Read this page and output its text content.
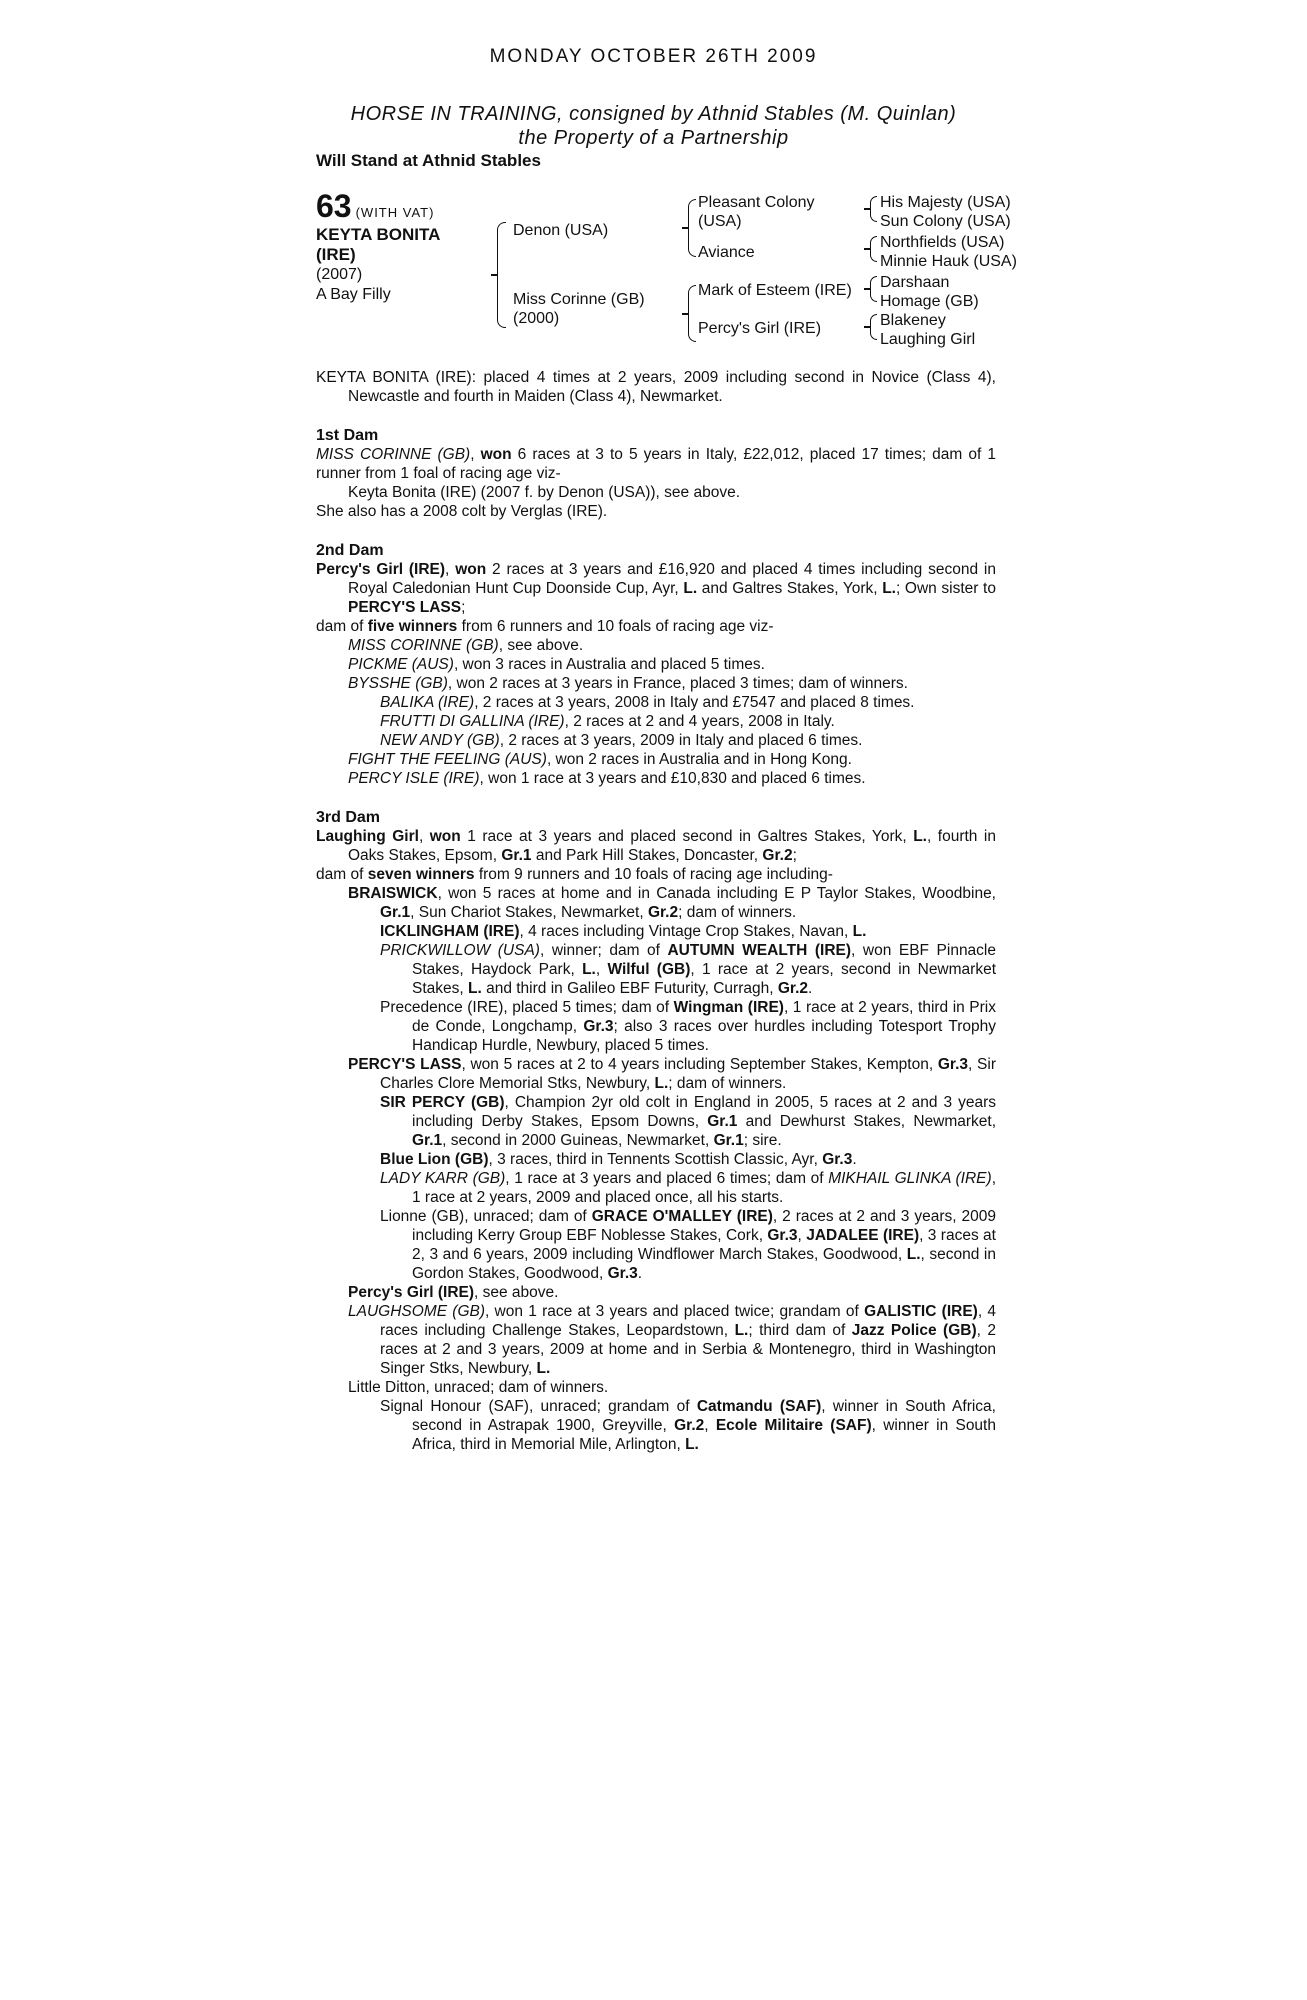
MONDAY OCTOBER 26TH 2009
HORSE IN TRAINING, consigned by Athnid Stables (M. Quinlan)
the Property of a Partnership
Will Stand at Athnid Stables
63 (WITH VAT)
KEYTA BONITA
(IRE)
(2007)
A Bay Filly
Denon (USA)
Miss Corinne (GB)
(2000)
Pleasant Colony
(USA)
Aviance
Mark of Esteem (IRE)
Percy's Girl (IRE)
His Majesty (USA)
Sun Colony (USA)
Northfields (USA)
Minnie Hauk (USA)
Darshaan
Homage (GB)
Blakeney
Laughing Girl

KEYTA BONITA (IRE): placed 4 times at 2 years, 2009 including second in Novice (Class 4), Newcastle and fourth in Maiden (Class 4), Newmarket.

1st Dam

MISS CORINNE (GB), won 6 races at 3 to 5 years in Italy, £22,012, placed 17 times; dam of 1 runner from 1 foal of racing age viz-

Keyta Bonita (IRE) (2007 f. by Denon (USA)), see above.

She also has a 2008 colt by Verglas (IRE).

2nd Dam

Percy's Girl (IRE), won 2 races at 3 years and £16,920 and placed 4 times including second in Royal Caledonian Hunt Cup Doonside Cup, Ayr, L. and Galtres Stakes, York, L.; Own sister to PERCY'S LASS;

dam of five winners from 6 runners and 10 foals of racing age viz-

MISS CORINNE (GB), see above.

PICKME (AUS), won 3 races in Australia and placed 5 times.

BYSSHE (GB), won 2 races at 3 years in France, placed 3 times; dam of winners.

BALIKA (IRE), 2 races at 3 years, 2008 in Italy and £7547 and placed 8 times.

FRUTTI DI GALLINA (IRE), 2 races at 2 and 4 years, 2008 in Italy.

NEW ANDY (GB), 2 races at 3 years, 2009 in Italy and placed 6 times.

FIGHT THE FEELING (AUS), won 2 races in Australia and in Hong Kong.

PERCY ISLE (IRE), won 1 race at 3 years and £10,830 and placed 6 times.

3rd Dam

Laughing Girl, won 1 race at 3 years and placed second in Galtres Stakes, York, L., fourth in Oaks Stakes, Epsom, Gr.1 and Park Hill Stakes, Doncaster, Gr.2;

dam of seven winners from 9 runners and 10 foals of racing age including-

BRAISWICK, won 5 races at home and in Canada including E P Taylor Stakes, Woodbine, Gr.1, Sun Chariot Stakes, Newmarket, Gr.2; dam of winners.

ICKLINGHAM (IRE), 4 races including Vintage Crop Stakes, Navan, L.

PRICKWILLOW (USA), winner; dam of AUTUMN WEALTH (IRE), won EBF Pinnacle Stakes, Haydock Park, L., Wilful (GB), 1 race at 2 years, second in Newmarket Stakes, L. and third in Galileo EBF Futurity, Curragh, Gr.2.

Precedence (IRE), placed 5 times; dam of Wingman (IRE), 1 race at 2 years, third in Prix de Conde, Longchamp, Gr.3; also 3 races over hurdles including Totesport Trophy Handicap Hurdle, Newbury, placed 5 times.

PERCY'S LASS, won 5 races at 2 to 4 years including September Stakes, Kempton, Gr.3, Sir Charles Clore Memorial Stks, Newbury, L.; dam of winners.

SIR PERCY (GB), Champion 2yr old colt in England in 2005, 5 races at 2 and 3 years including Derby Stakes, Epsom Downs, Gr.1 and Dewhurst Stakes, Newmarket, Gr.1, second in 2000 Guineas, Newmarket, Gr.1; sire.

Blue Lion (GB), 3 races, third in Tennents Scottish Classic, Ayr, Gr.3.

LADY KARR (GB), 1 race at 3 years and placed 6 times; dam of MIKHAIL GLINKA (IRE), 1 race at 2 years, 2009 and placed once, all his starts.

Lionne (GB), unraced; dam of GRACE O'MALLEY (IRE), 2 races at 2 and 3 years, 2009 including Kerry Group EBF Noblesse Stakes, Cork, Gr.3, JADALEE (IRE), 3 races at 2, 3 and 6 years, 2009 including Windflower March Stakes, Goodwood, L., second in Gordon Stakes, Goodwood, Gr.3.

Percy's Girl (IRE), see above.

LAUGHSOME (GB), won 1 race at 3 years and placed twice; grandam of GALISTIC (IRE), 4 races including Challenge Stakes, Leopardstown, L.; third dam of Jazz Police (GB), 2 races at 2 and 3 years, 2009 at home and in Serbia & Montenegro, third in Washington Singer Stks, Newbury, L.

Little Ditton, unraced; dam of winners.

Signal Honour (SAF), unraced; grandam of Catmandu (SAF), winner in South Africa, second in Astrapak 1900, Greyville, Gr.2, Ecole Militaire (SAF), winner in South Africa, third in Memorial Mile, Arlington, L.
